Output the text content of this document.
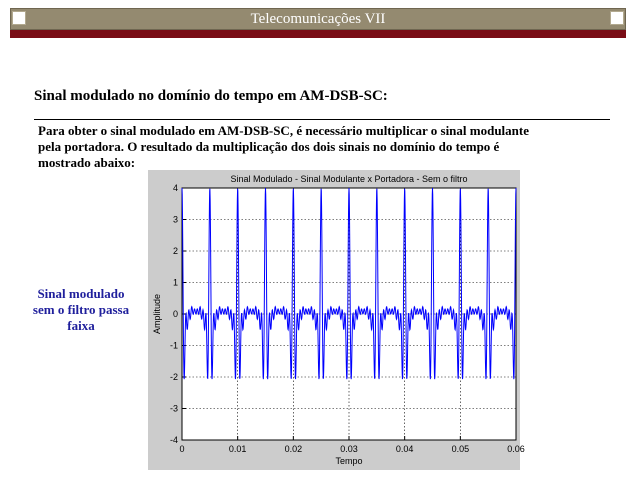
Telecomunicações VII
Sinal modulado no domínio do tempo em AM-DSB-SC:
Para obter o sinal modulado em AM-DSB-SC, é necessário multiplicar o sinal modulante
pela portadora. O resultado da multiplicação dos dois sinais no domínio do tempo é
mostrado abaixo:
Sinal modulado
sem o filtro passa
faixa
0	0.01	0.02	0.03	0.04	0.05	0.06
4
3
2
1
0
-1
-2
-3
-4
Sinal Modulado - Sinal Modulante x Portadora - Sem o filtro
Tempo
Amplitude
